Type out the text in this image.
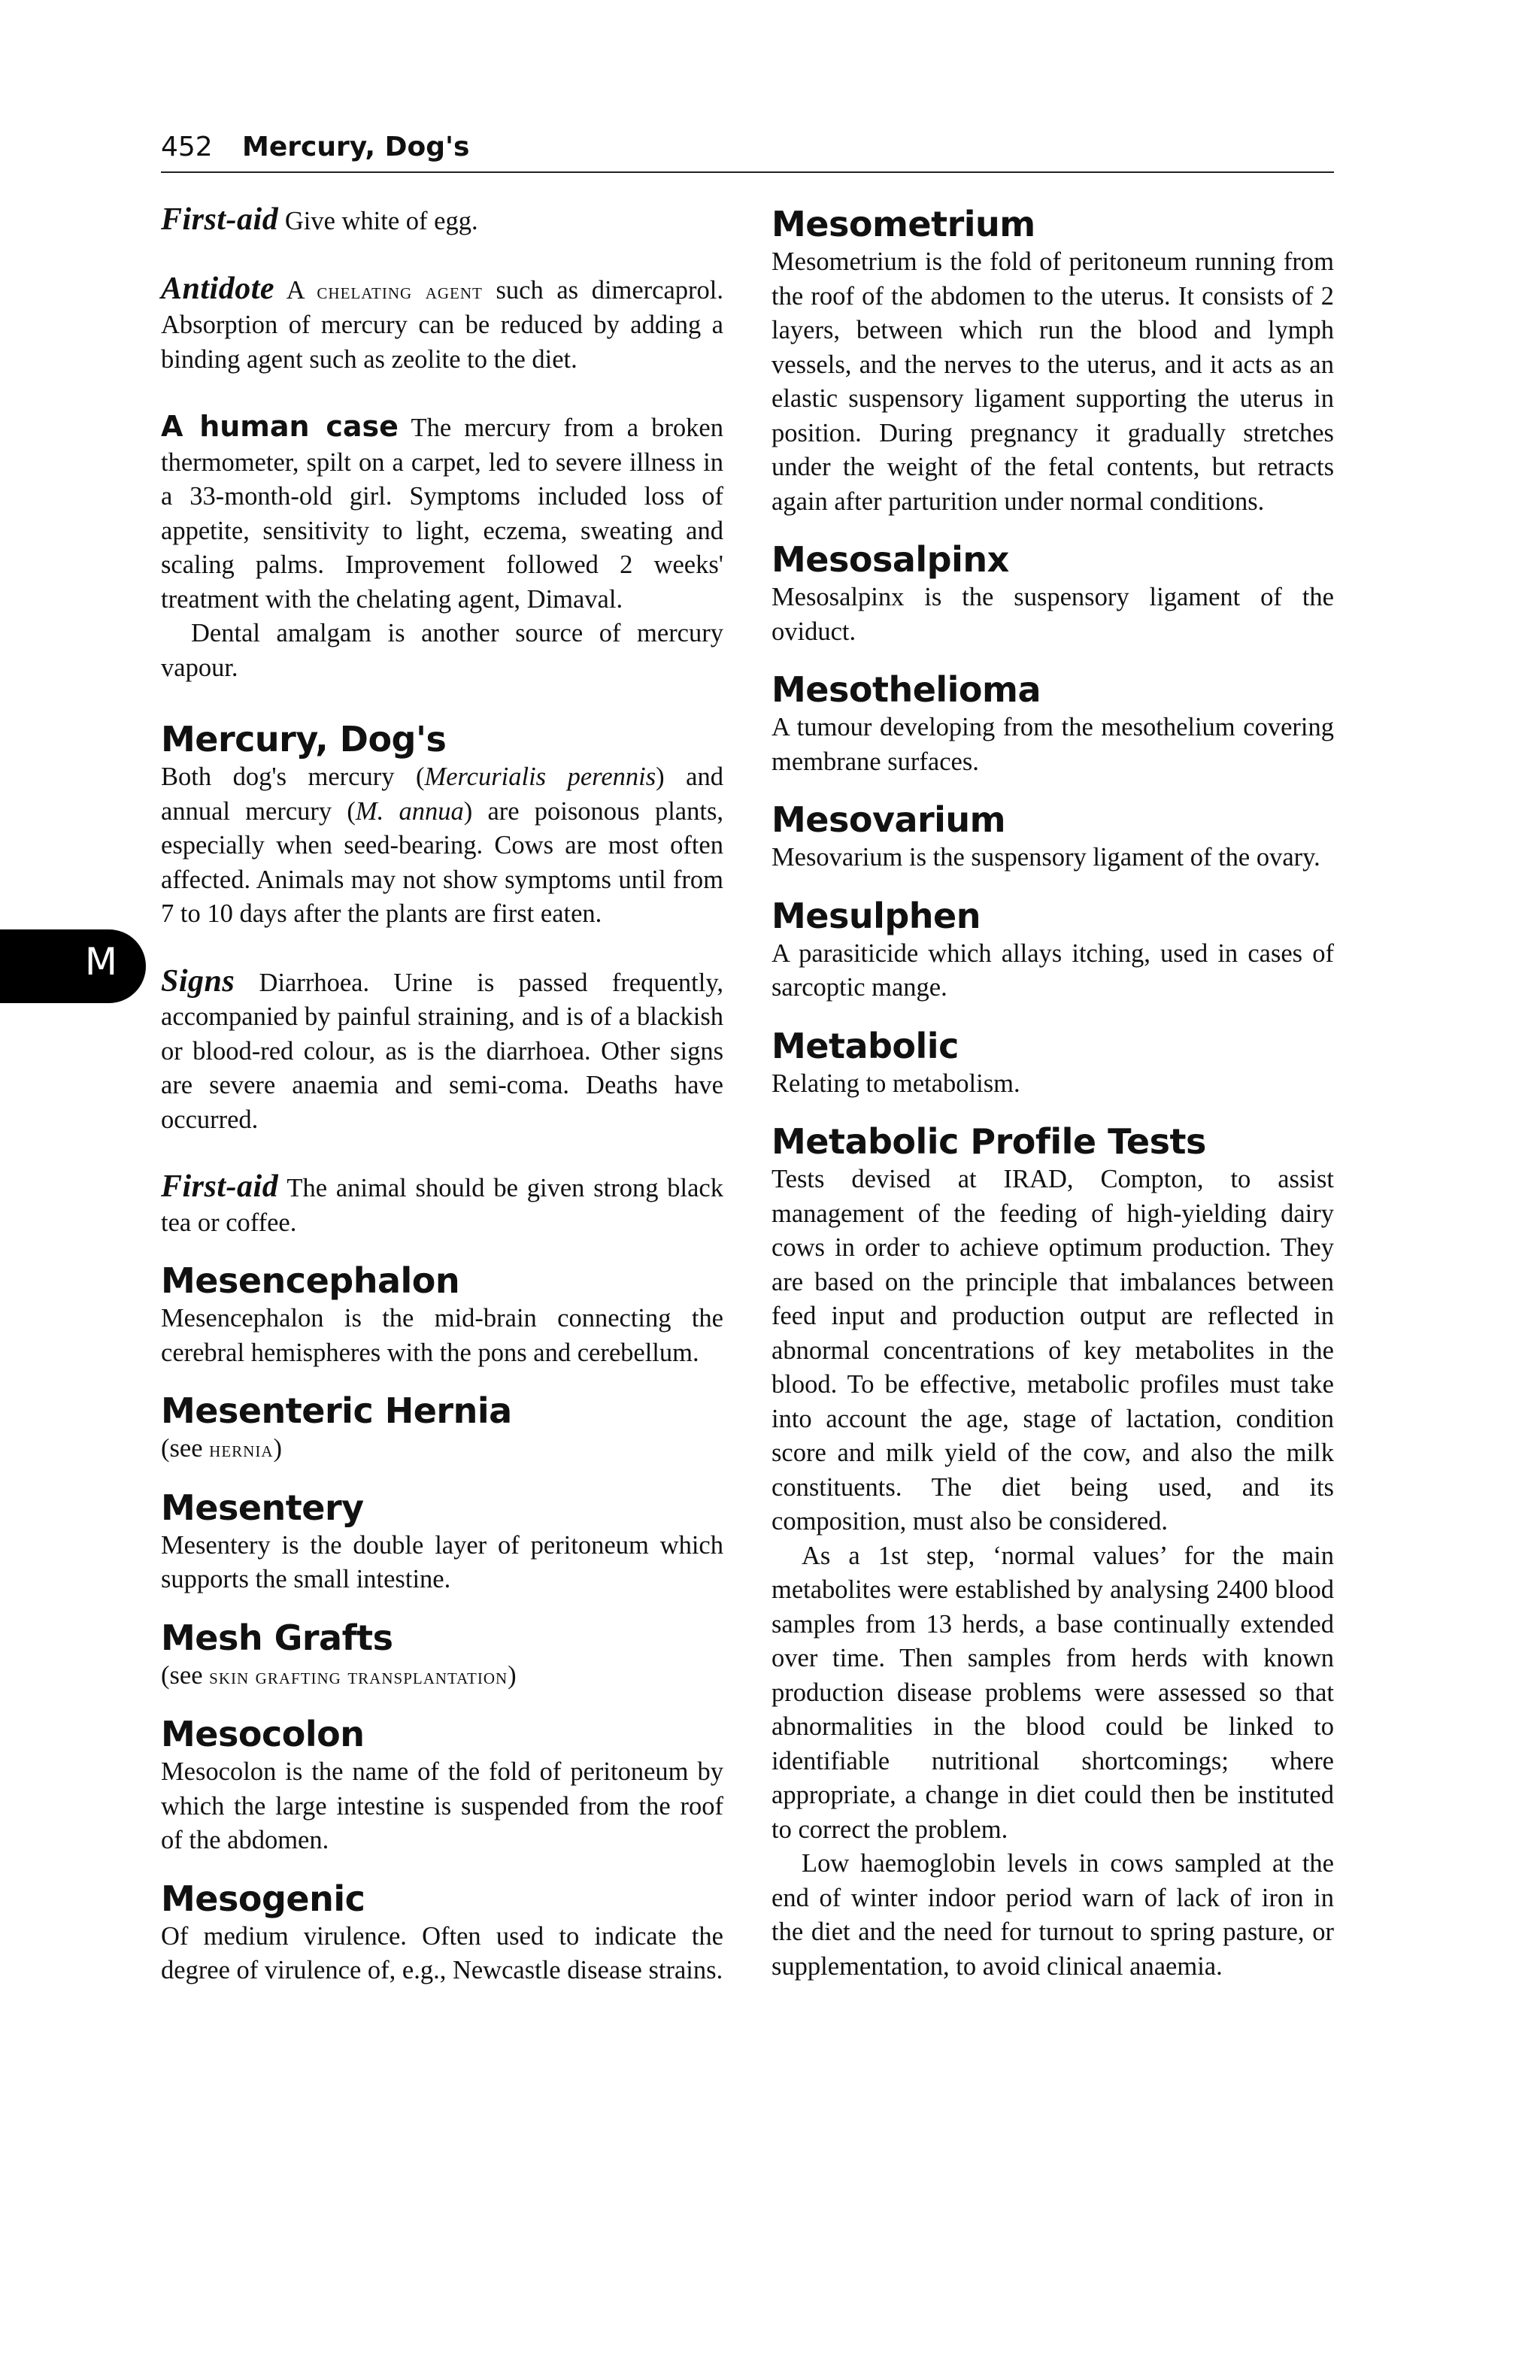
452 Mercury, Dog's
M

First-aid Give white of egg.

Antidote A chelating agent such as dimercaprol. Absorption of mercury can be reduced by adding a binding agent such as zeolite to the diet.

A human case The mercury from a broken thermometer, spilt on a carpet, led to severe illness in a 33-month-old girl. Symptoms included loss of appetite, sensitivity to light, eczema, sweating and scaling palms. Improvement followed 2 weeks' treatment with the chelating agent, Dimaval.

Dental amalgam is another source of mercury vapour.

Mercury, Dog's

Both dog's mercury (Mercurialis perennis) and annual mercury (M. annua) are poisonous plants, especially when seed-bearing. Cows are most often affected. Animals may not show symptoms until from 7 to 10 days after the plants are first eaten.

Signs Diarrhoea. Urine is passed frequently, accompanied by painful straining, and is of a blackish or blood-red colour, as is the diarrhoea. Other signs are severe anaemia and semi-coma. Deaths have occurred.

First-aid The animal should be given strong black tea or coffee.

Mesencephalon

Mesencephalon is the mid-brain connecting the cerebral hemispheres with the pons and cerebellum.

Mesenteric Hernia

(see hernia)

Mesentery

Mesentery is the double layer of peritoneum which supports the small intestine.

Mesh Grafts

(see skin grafting transplantation)

Mesocolon

Mesocolon is the name of the fold of peritoneum by which the large intestine is suspended from the roof of the abdomen.

Mesogenic

Of medium virulence. Often used to indicate the degree of virulence of, e.g., Newcastle disease strains.

Mesometrium

Mesometrium is the fold of peritoneum running from the roof of the abdomen to the uterus. It consists of 2 layers, between which run the blood and lymph vessels, and the nerves to the uterus, and it acts as an elastic suspensory ligament supporting the uterus in position. During pregnancy it gradually stretches under the weight of the fetal contents, but retracts again after parturition under normal conditions.

Mesosalpinx

Mesosalpinx is the suspensory ligament of the oviduct.

Mesothelioma

A tumour developing from the mesothelium covering membrane surfaces.

Mesovarium

Mesovarium is the suspensory ligament of the ovary.

Mesulphen

A parasiticide which allays itching, used in cases of sarcoptic mange.

Metabolic

Relating to metabolism.

Metabolic Profile Tests

Tests devised at IRAD, Compton, to assist management of the feeding of high-yielding dairy cows in order to achieve optimum production. They are based on the principle that imbalances between feed input and production output are reflected in abnormal concentrations of key metabolites in the blood. To be effective, metabolic profiles must take into account the age, stage of lactation, condition score and milk yield of the cow, and also the milk constituents. The diet being used, and its composition, must also be considered.

As a 1st step, ‘normal values’ for the main metabolites were established by analysing 2400 blood samples from 13 herds, a base continually extended over time. Then samples from herds with known production disease problems were assessed so that abnormalities in the blood could be linked to identifiable nutritional shortcomings; where appropriate, a change in diet could then be instituted to correct the problem.

Low haemoglobin levels in cows sampled at the end of winter indoor period warn of lack of iron in the diet and the need for turnout to spring pasture, or supplementation, to avoid clinical anaemia.
